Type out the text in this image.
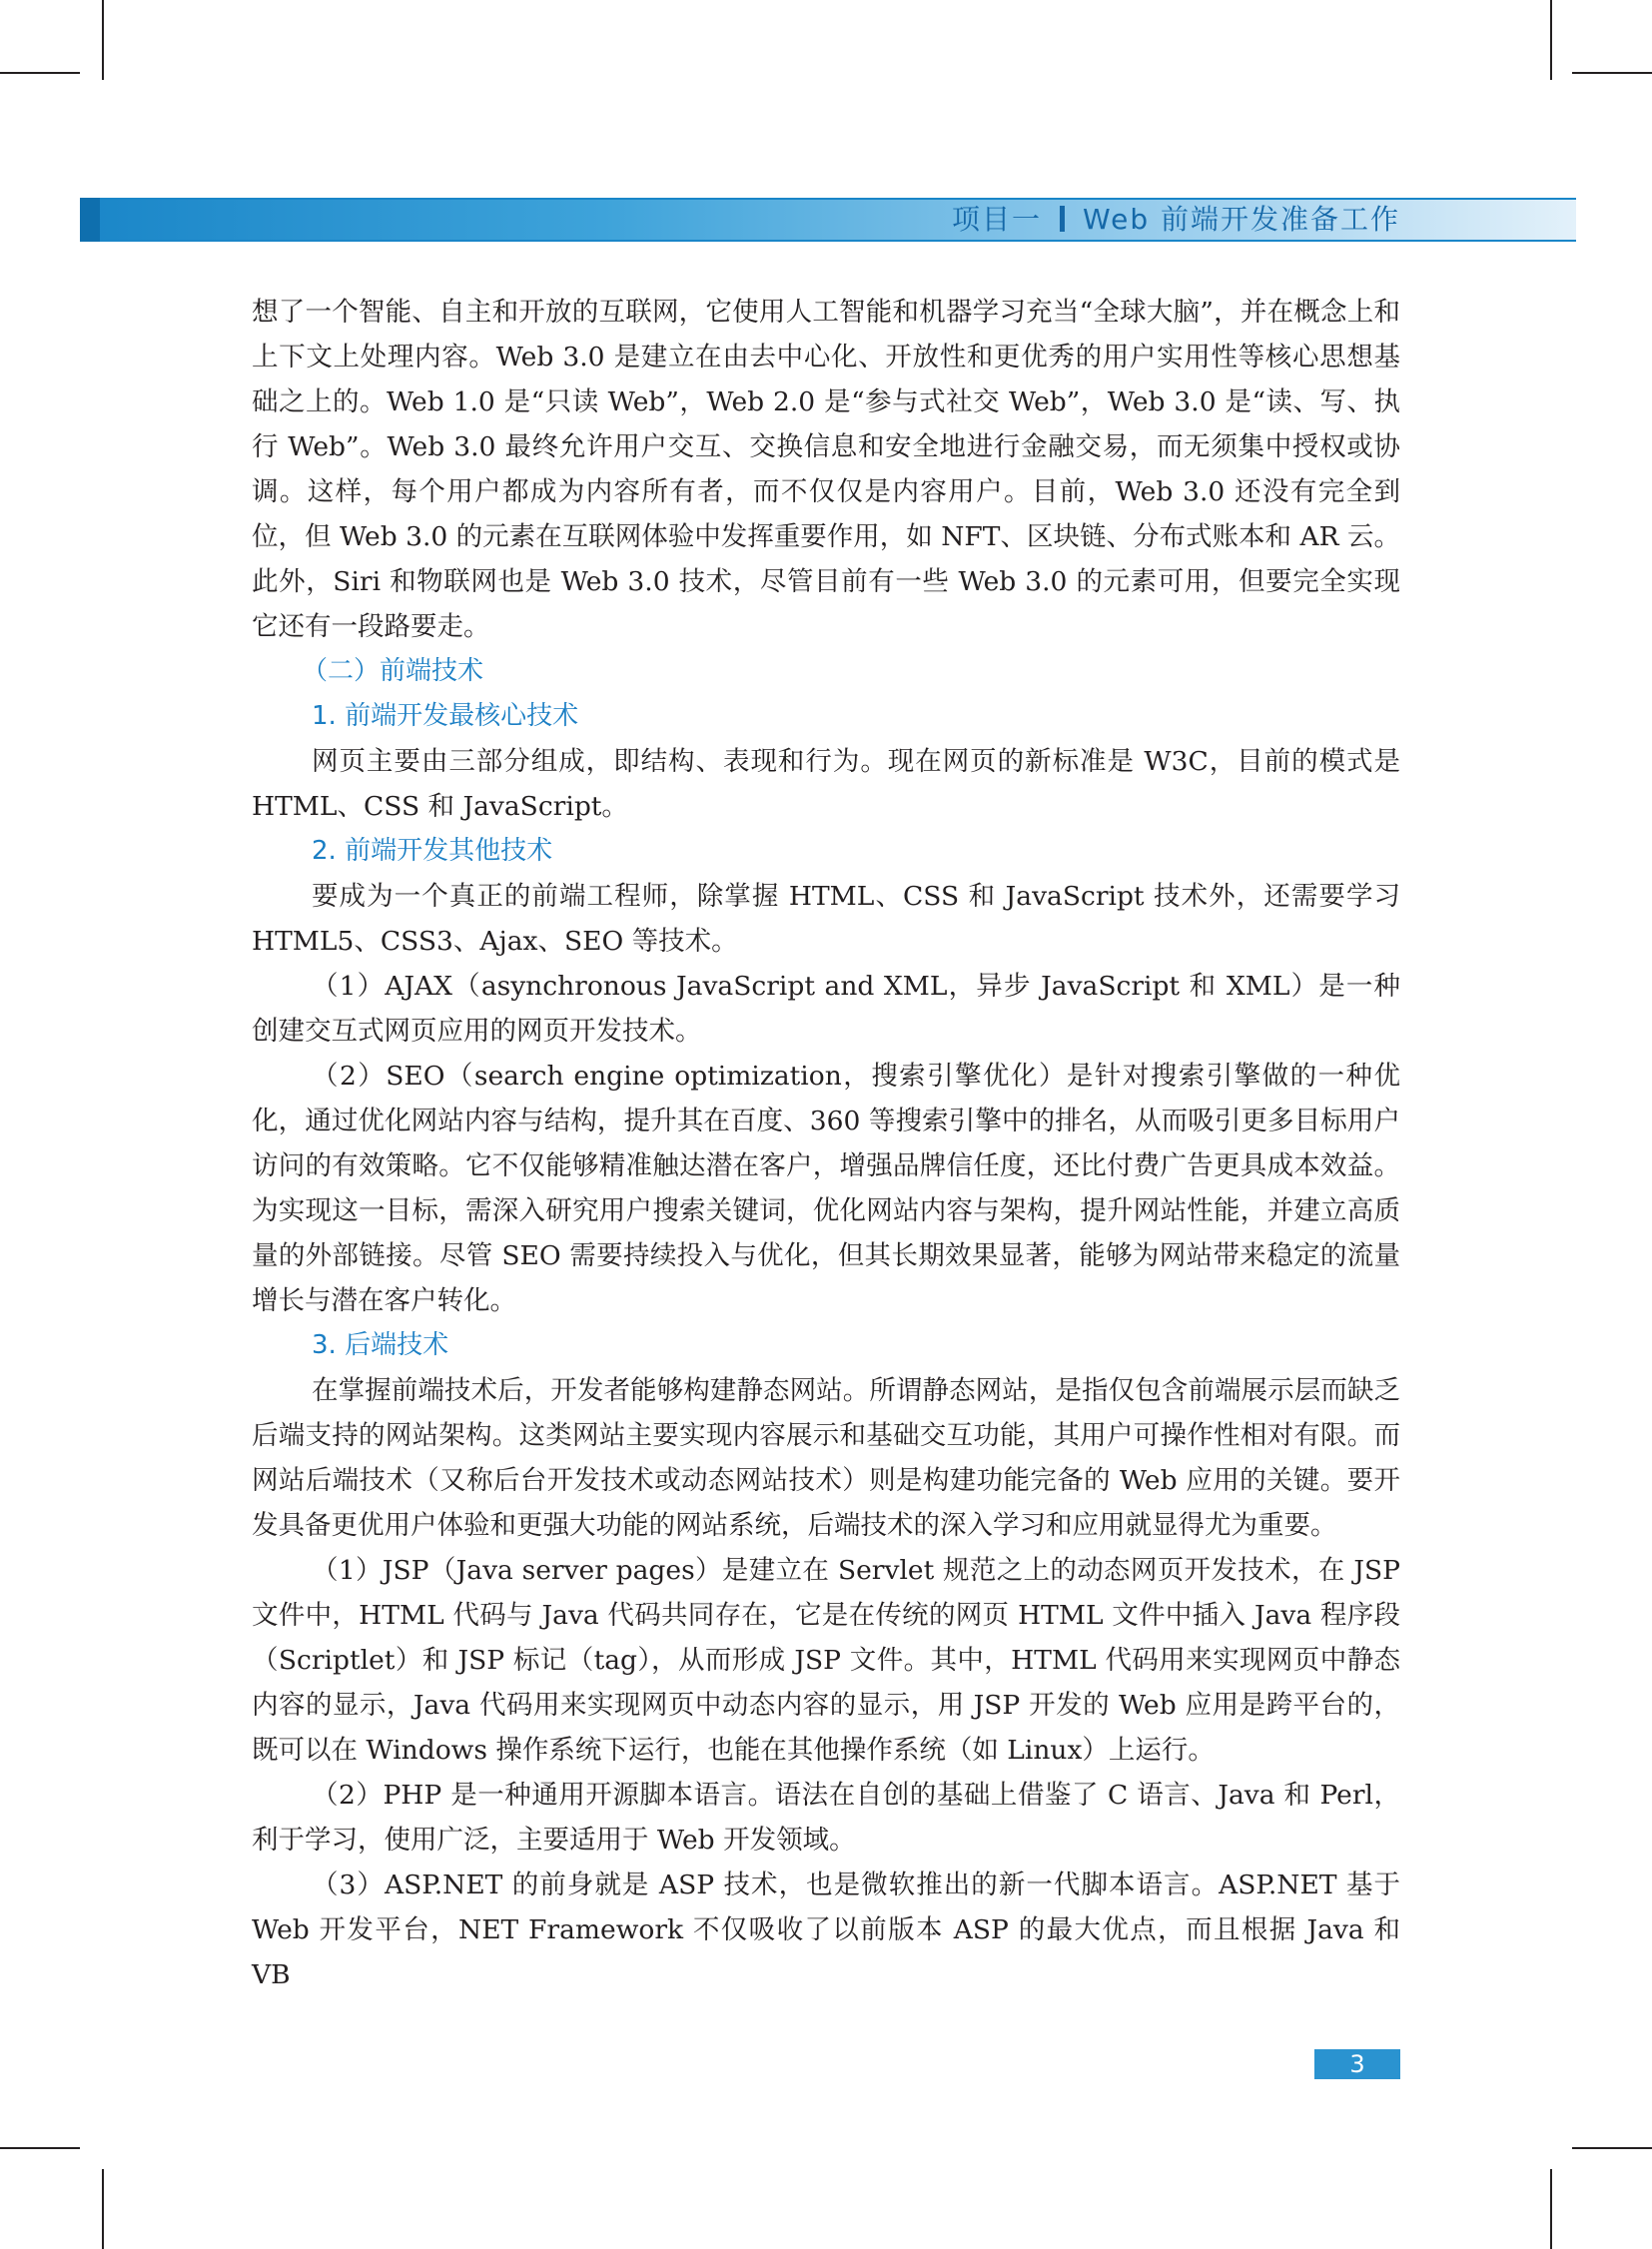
项目一 Web 前端开发准备工作

想了一个智能、自主和开放的互联网，它使用人工智能和机器学习充当“全球大脑”，并在概念上和上下文上处理内容。Web 3.0 是建立在由去中心化、开放性和更优秀的用户实用性等核心思想基础之上的。Web 1.0 是“只读 Web”，Web 2.0 是“参与式社交 Web”，Web 3.0 是“读、写、执行 Web”。Web 3.0 最终允许用户交互、交换信息和安全地进行金融交易，而无须集中授权或协调。这样，每个用户都成为内容所有者，而不仅仅是内容用户。目前，Web 3.0 还没有完全到位，但 Web 3.0 的元素在互联网体验中发挥重要作用，如 NFT、区块链、分布式账本和 AR 云。此外，Siri 和物联网也是 Web 3.0 技术，尽管目前有一些 Web 3.0 的元素可用，但要完全实现它还有一段路要走。

（二）前端技术

1. 前端开发最核心技术

网页主要由三部分组成，即结构、表现和行为。现在网页的新标准是 W3C，目前的模式是 HTML、CSS 和 JavaScript。

2. 前端开发其他技术

要成为一个真正的前端工程师，除掌握 HTML、CSS 和 JavaScript 技术外，还需要学习 HTML5、CSS3、Ajax、SEO 等技术。

（1）AJAX（asynchronous JavaScript and XML，异步 JavaScript 和 XML）是一种创建交互式网页应用的网页开发技术。

（2）SEO（search engine optimization，搜索引擎优化）是针对搜索引擎做的一种优化，通过优化网站内容与结构，提升其在百度、360 等搜索引擎中的排名，从而吸引更多目标用户访问的有效策略。它不仅能够精准触达潜在客户，增强品牌信任度，还比付费广告更具成本效益。为实现这一目标，需深入研究用户搜索关键词，优化网站内容与架构，提升网站性能，并建立高质量的外部链接。尽管 SEO 需要持续投入与优化，但其长期效果显著，能够为网站带来稳定的流量增长与潜在客户转化。

3. 后端技术

在掌握前端技术后，开发者能够构建静态网站。所谓静态网站，是指仅包含前端展示层而缺乏后端支持的网站架构。这类网站主要实现内容展示和基础交互功能，其用户可操作性相对有限。而网站后端技术（又称后台开发技术或动态网站技术）则是构建功能完备的 Web 应用的关键。要开发具备更优用户体验和更强大功能的网站系统，后端技术的深入学习和应用就显得尤为重要。

（1）JSP（Java server pages）是建立在 Servlet 规范之上的动态网页开发技术，在 JSP 文件中，HTML 代码与 Java 代码共同存在，它是在传统的网页 HTML 文件中插入 Java 程序段（Scriptlet）和 JSP 标记（tag），从而形成 JSP 文件。其中，HTML 代码用来实现网页中静态内容的显示，Java 代码用来实现网页中动态内容的显示，用 JSP 开发的 Web 应用是跨平台的，既可以在 Windows 操作系统下运行，也能在其他操作系统（如 Linux）上运行。

（2）PHP 是一种通用开源脚本语言。语法在自创的基础上借鉴了 C 语言、Java 和 Perl，利于学习，使用广泛，主要适用于 Web 开发领域。

（3）ASP.NET 的前身就是 ASP 技术，也是微软推出的新一代脚本语言。ASP.NET 基于 Web 开发平台，NET Framework 不仅吸收了以前版本 ASP 的最大优点，而且根据 Java 和 VB

3
